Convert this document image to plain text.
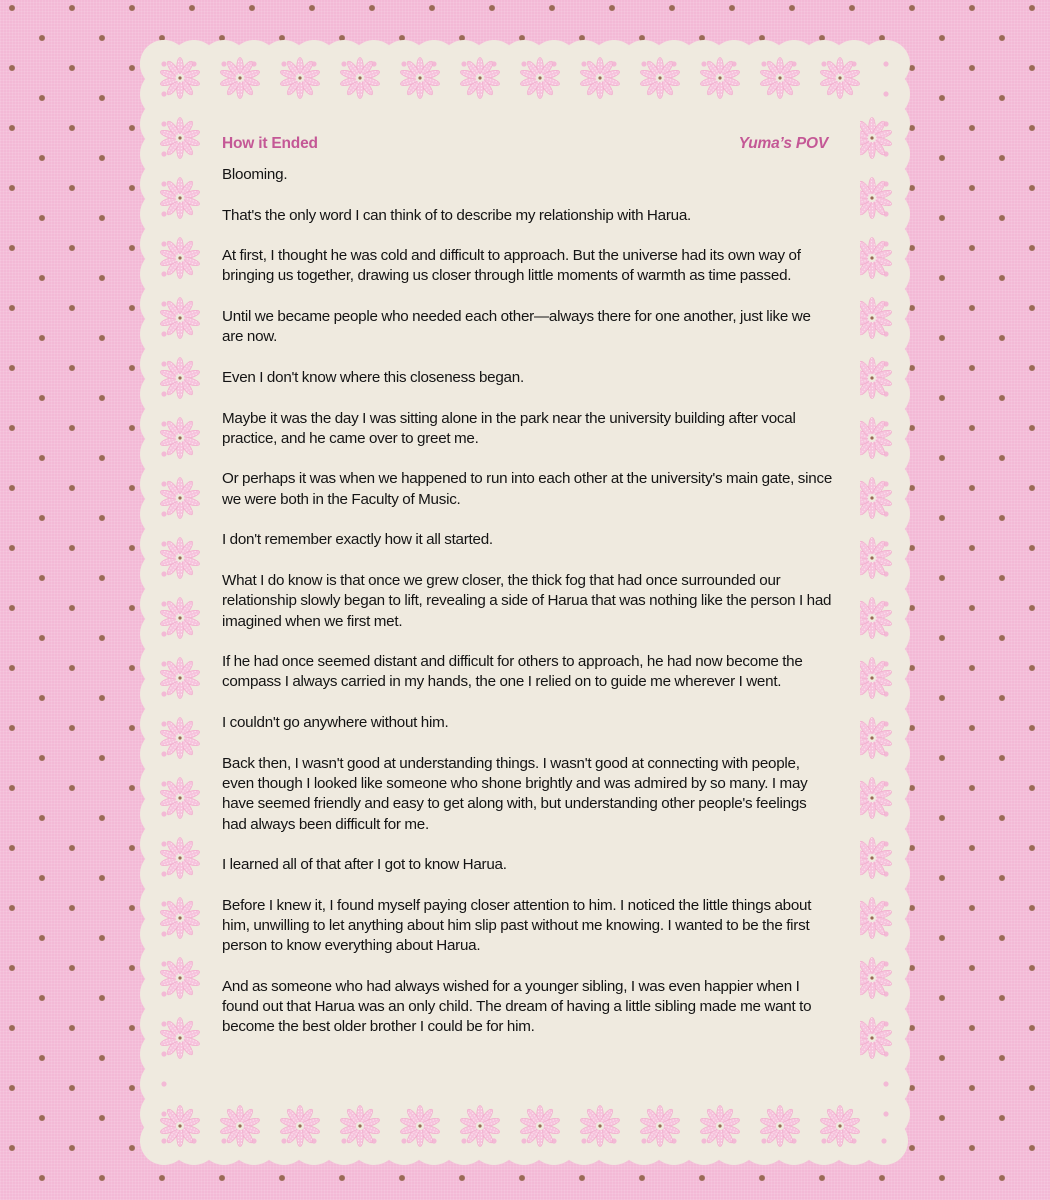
How it Ended	Yuma’s POV

Blooming.

That's the only word I can think of to describe my relationship with Harua.

At first, I thought he was cold and difficult to approach. But the universe had its own way of bringing us together, drawing us closer through little moments of warmth as time passed.

Until we became people who needed each other—always there for one another, just like we are now.

Even I don't know where this closeness began.

Maybe it was the day I was sitting alone in the park near the university building after vocal practice, and he came over to greet me.

Or perhaps it was when we happened to run into each other at the university's main gate, since we were both in the Faculty of Music.

I don't remember exactly how it all started.

What I do know is that once we grew closer, the thick fog that had once surrounded our relationship slowly began to lift, revealing a side of Harua that was nothing like the person I had imagined when we first met.

If he had once seemed distant and difficult for others to approach, he had now become the compass I always carried in my hands, the one I relied on to guide me wherever I went.

I couldn't go anywhere without him.

Back then, I wasn't good at understanding things. I wasn't good at connecting with people, even though I looked like someone who shone brightly and was admired by so many. I may have seemed friendly and easy to get along with, but understanding other people's feelings had always been difficult for me.

I learned all of that after I got to know Harua.

Before I knew it, I found myself paying closer attention to him. I noticed the little things about him, unwilling to let anything about him slip past without me knowing. I wanted to be the first person to know everything about Harua.

And as someone who had always wished for a younger sibling, I was even happier when I found out that Harua was an only child. The dream of having a little sibling made me want to become the best older brother I could be for him.
